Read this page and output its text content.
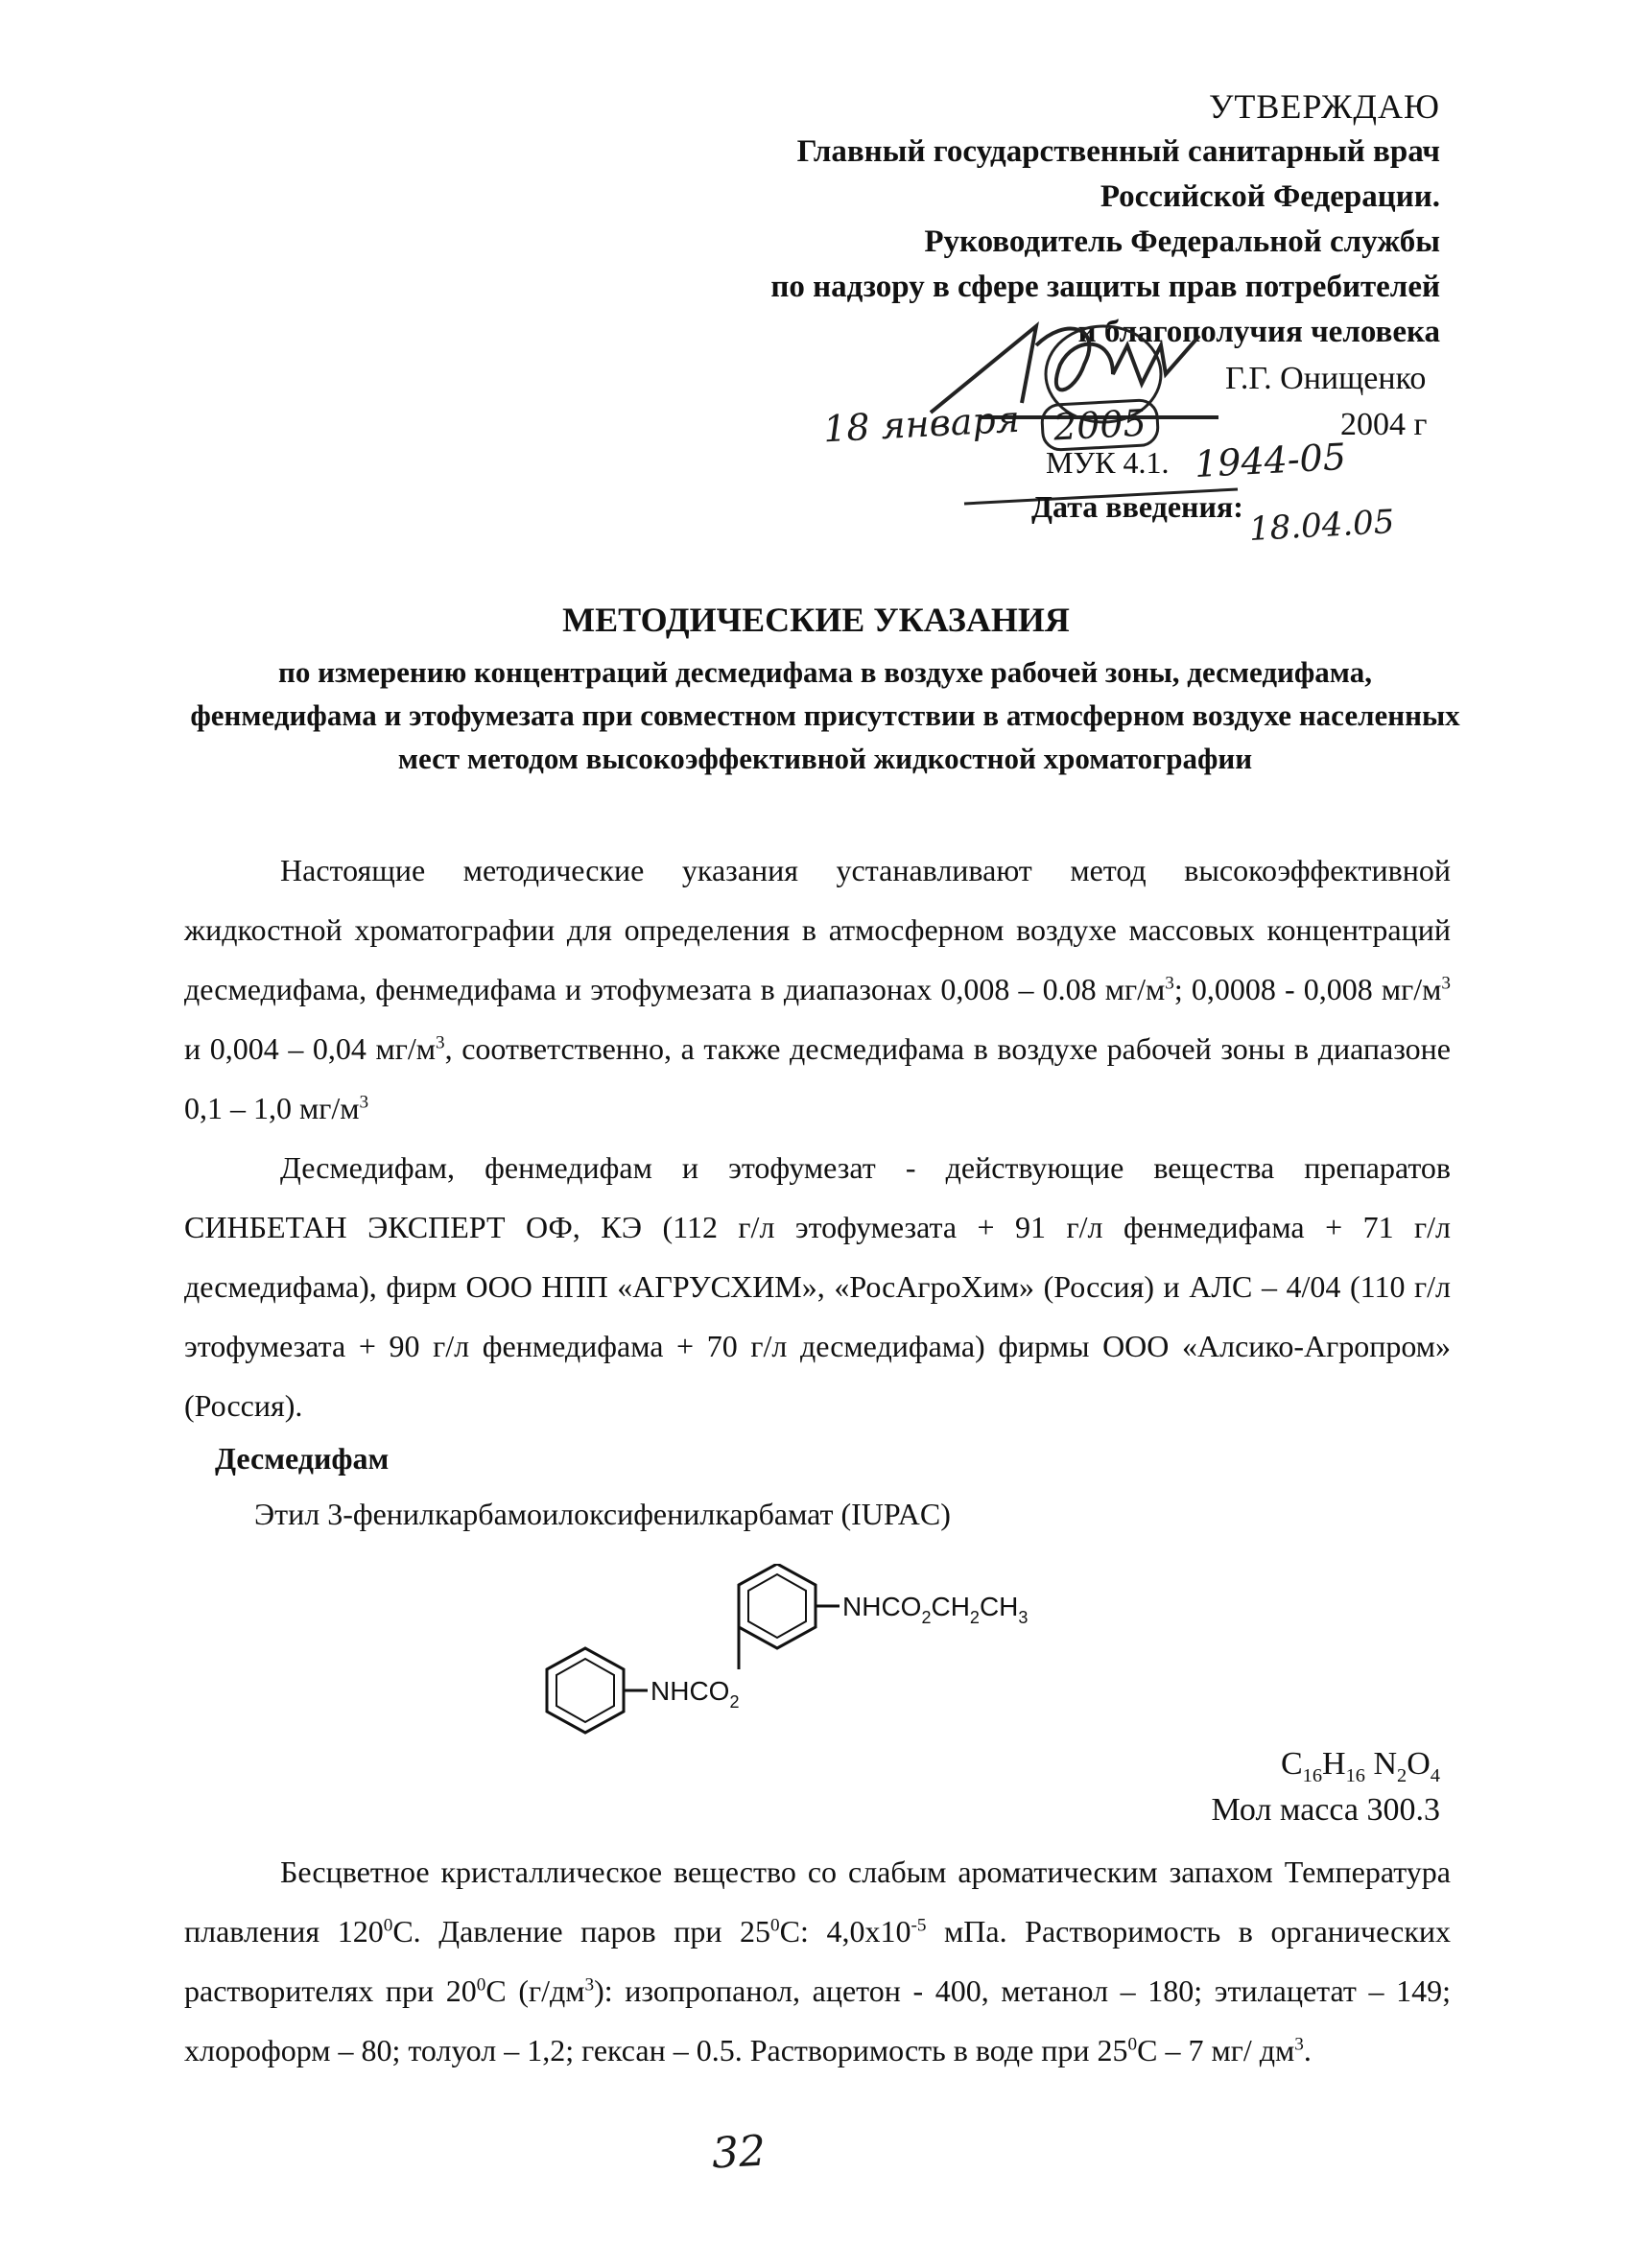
УТВЕРЖДАЮ
Главный государственный санитарный врач
Российской Федерации.
Руководитель Федеральной службы
по надзору в сфере защиты прав потребителей
и благополучия человека
Г.Г. Онищенко
2004 г
18 января 2005
МУК 4.1. 1944-05
Дата введения: 18.04.05
МЕТОДИЧЕСКИЕ УКАЗАНИЯ
по измерению концентраций десмедифама в воздухе рабочей зоны, десмедифама, фенмедифама и этофумезата при совместном присутствии в атмосферном воздухе населенных мест методом высокоэффективной жидкостной хроматографии

Настоящие методические указания устанавливают метод высокоэффективной жидкостной хроматографии для определения в атмосферном воздухе массовых концентраций десмедифама, фенмедифама и этофумезата в диапазонах 0,008 – 0.08 $мг/м^3$; 0,0008 - 0,008 $мг/м^3$ и 0,004 – 0,04 $мг/м^3$, соответственно, а также десмедифама в воздухе рабочей зоны в диапазоне 0,1 – 1,0 $мг/м^3$

Десмедифам, фенмедифам и этофумезат - действующие вещества препаратов СИНБЕТАН ЭКСПЕРТ ОФ, КЭ (112 г/л этофумезата + 91 г/л фенмедифама + 71 г/л десмедифама), фирм ООО НПП «АГРУСХИМ», «РосАгроХим» (Россия) и АЛС – 4/04 (110 г/л этофумезата + 90 г/л фенмедифама + 70 г/л десмедифама) фирмы ООО «Алсико-Агропром» (Россия).

Десмедифам
Этил 3-фенилкарбамоилоксифенилкарбамат (IUPAC)
$NHCO_2CH_2CH_3$
$NHCO_2$
$C_{16}H_{16}$ $N_2O_4$
Мол масса 300.3

Бесцветное кристаллическое вещество со слабым ароматическим запахом Температура плавления $120^0С$. Давление паров при $25^0С$: $4,0x10^{-5}$ мПа. Растворимость в органических растворителях при $20^0С$ $(г/дм^3)$: изопропанол, ацетон - 400, метанол – 180; этилацетат – 149; хлороформ – 80; толуол – 1,2; гексан – 0.5. Растворимость в воде при $25^0С - 7$ мг/ $дм^3$.

32
